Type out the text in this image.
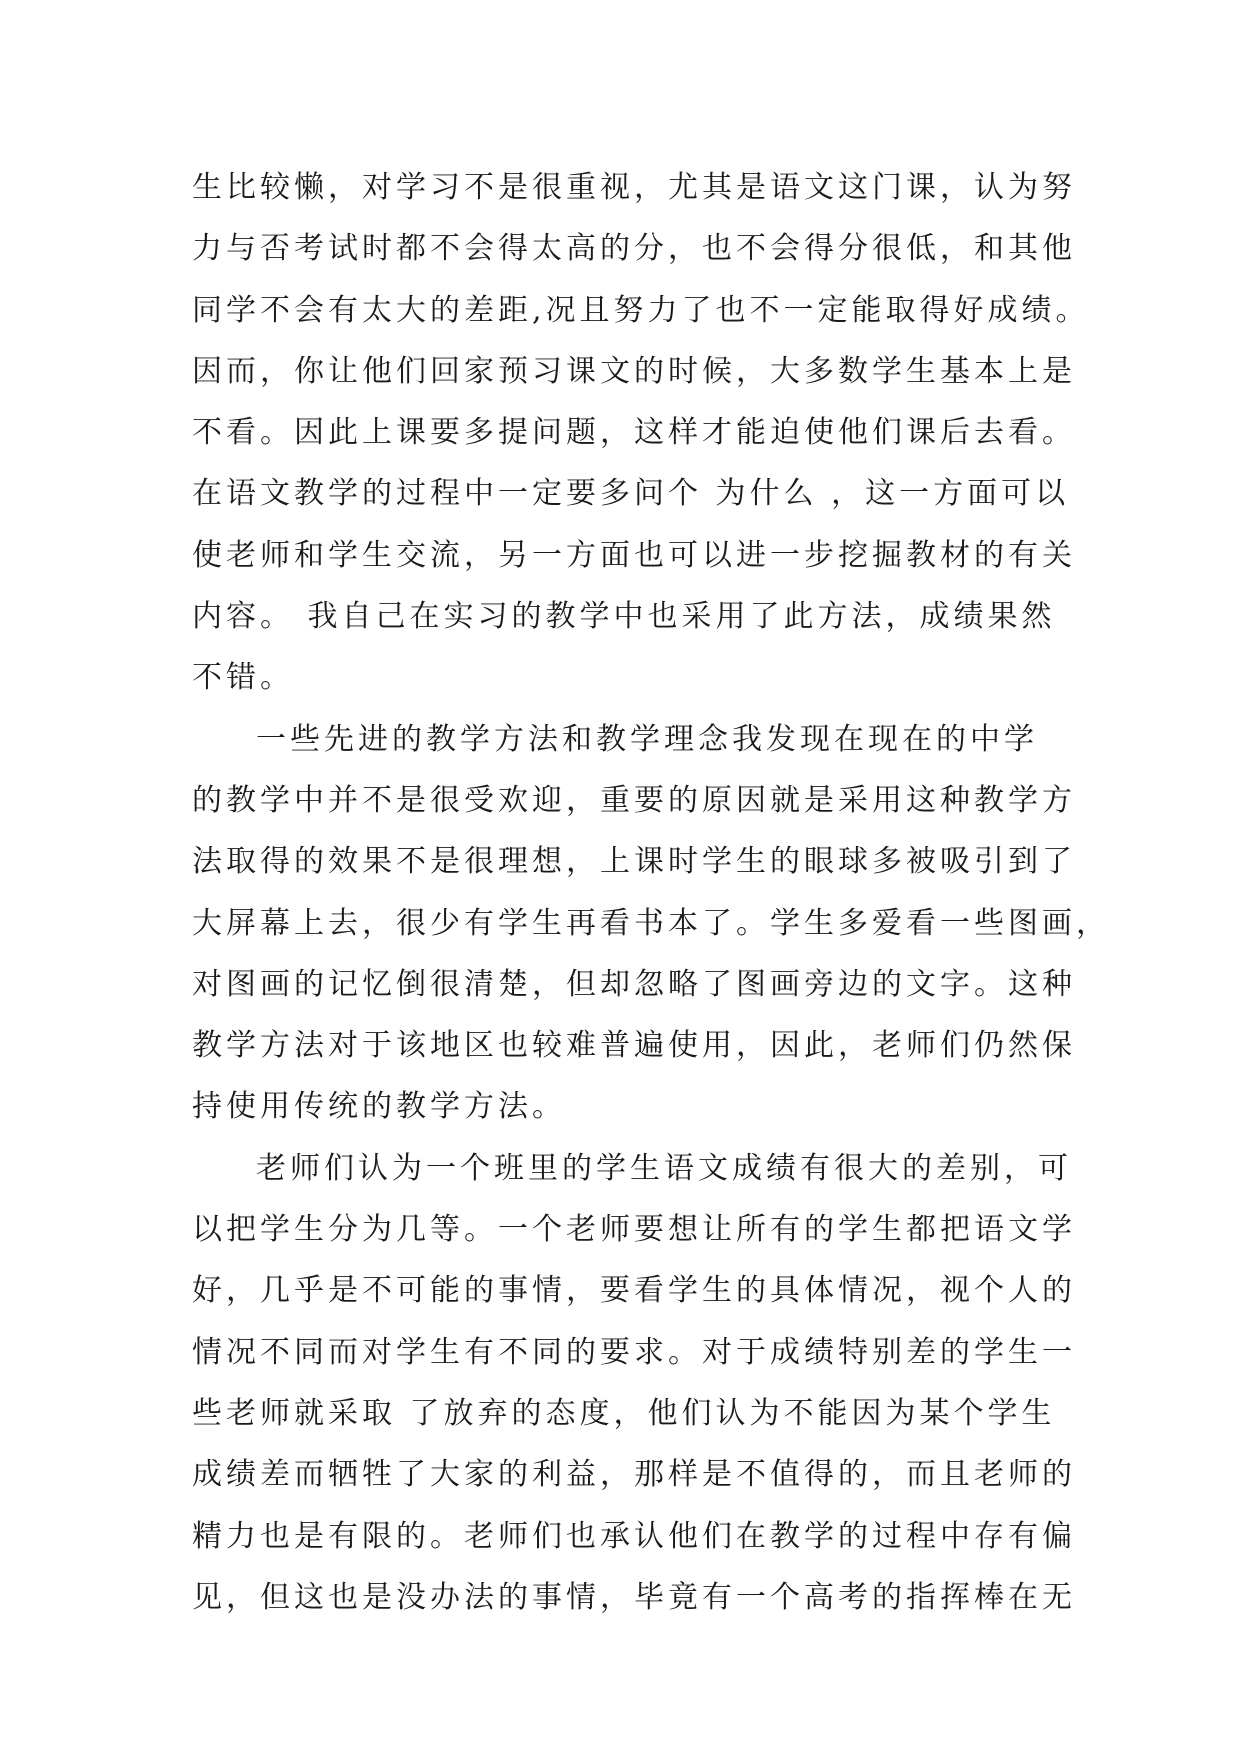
生比较懒，对学习不是很重视，尤其是语文这门课，认为努
力与否考试时都不会得太高的分，也不会得分很低，和其他
同学不会有太大的差距,况且努力了也不一定能取得好成绩。
因而，你让他们回家预习课文的时候，大多数学生基本上是
不看。因此上课要多提问题，这样才能迫使他们课后去看。
在语文教学的过程中一定要多问个 为什么 ，这一方面可以
使老师和学生交流，另一方面也可以进一步挖掘教材的有关
内容。 我自己在实习的教学中也采用了此方法，成绩果然
不错。
一些先进的教学方法和教学理念我发现在现在的中学
的教学中并不是很受欢迎，重要的原因就是采用这种教学方
法取得的效果不是很理想，上课时学生的眼球多被吸引到了
大屏幕上去，很少有学生再看书本了。学生多爱看一些图画，
对图画的记忆倒很清楚，但却忽略了图画旁边的文字。这种
教学方法对于该地区也较难普遍使用，因此，老师们仍然保
持使用传统的教学方法。
老师们认为一个班里的学生语文成绩有很大的差别，可
以把学生分为几等。一个老师要想让所有的学生都把语文学
好，几乎是不可能的事情，要看学生的具体情况，视个人的
情况不同而对学生有不同的要求。对于成绩特别差的学生一
些老师就采取 了放弃的态度，他们认为不能因为某个学生
成绩差而牺牲了大家的利益，那样是不值得的，而且老师的
精力也是有限的。老师们也承认他们在教学的过程中存有偏
见，但这也是没办法的事情，毕竟有一个高考的指挥棒在无
